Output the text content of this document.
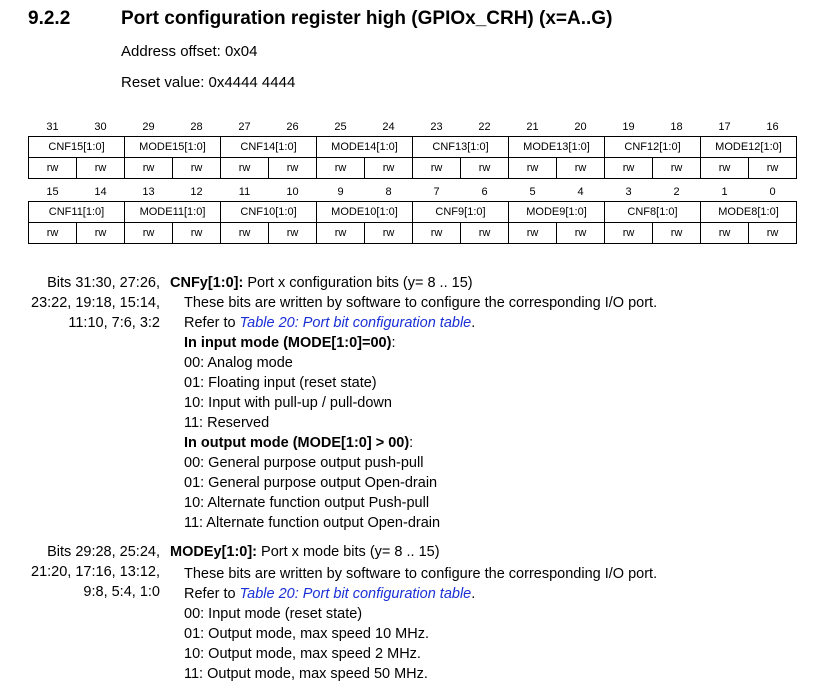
9.2.2	Port configuration register high (GPIOx_CRH) (x=A..G)
Address offset: 0x04
Reset value: 0x4444 4444
31	30	29	28	27	26	25	24	23	22	21	20	19	18	17	16
CNF15[1:0]		MODE15[1:0]		CNF14[1:0]		MODE14[1:0]		CNF13[1:0]		MODE13[1:0]		CNF12[1:0]		MODE12[1:0]	
rw	rw	rw	rw	rw	rw	rw	rw	rw	rw	rw	rw	rw	rw	rw	rw
15	14	13	12	11	10	9	8	7	6	5	4	3	2	1	0
CNF11[1:0]		MODE11[1:0]		CNF10[1:0]		MODE10[1:0]		CNF9[1:0]		MODE9[1:0]		CNF8[1:0]		MODE8[1:0]	
rw	rw	rw	rw	rw	rw	rw	rw	rw	rw	rw	rw	rw	rw	rw	rw
Bits 31:30, 27:26,
23:22, 19:18, 15:14,
11:10, 7:6, 3:2
CNFy[1:0]: Port x configuration bits (y= 8 .. 15)
These bits are written by software to configure the corresponding I/O port.
Refer to Table 20: Port bit configuration table.
In input mode (MODE[1:0]=00):
00: Analog mode
01: Floating input (reset state)
10: Input with pull-up / pull-down
11: Reserved
In output mode (MODE[1:0] > 00):
00: General purpose output push-pull
01: General purpose output Open-drain
10: Alternate function output Push-pull
11: Alternate function output Open-drain
Bits 29:28, 25:24,
21:20, 17:16, 13:12,
9:8, 5:4, 1:0
MODEy[1:0]: Port x mode bits (y= 8 .. 15)
These bits are written by software to configure the corresponding I/O port.
Refer to Table 20: Port bit configuration table.
00: Input mode (reset state)
01: Output mode, max speed 10 MHz.
10: Output mode, max speed 2 MHz.
11: Output mode, max speed 50 MHz.
